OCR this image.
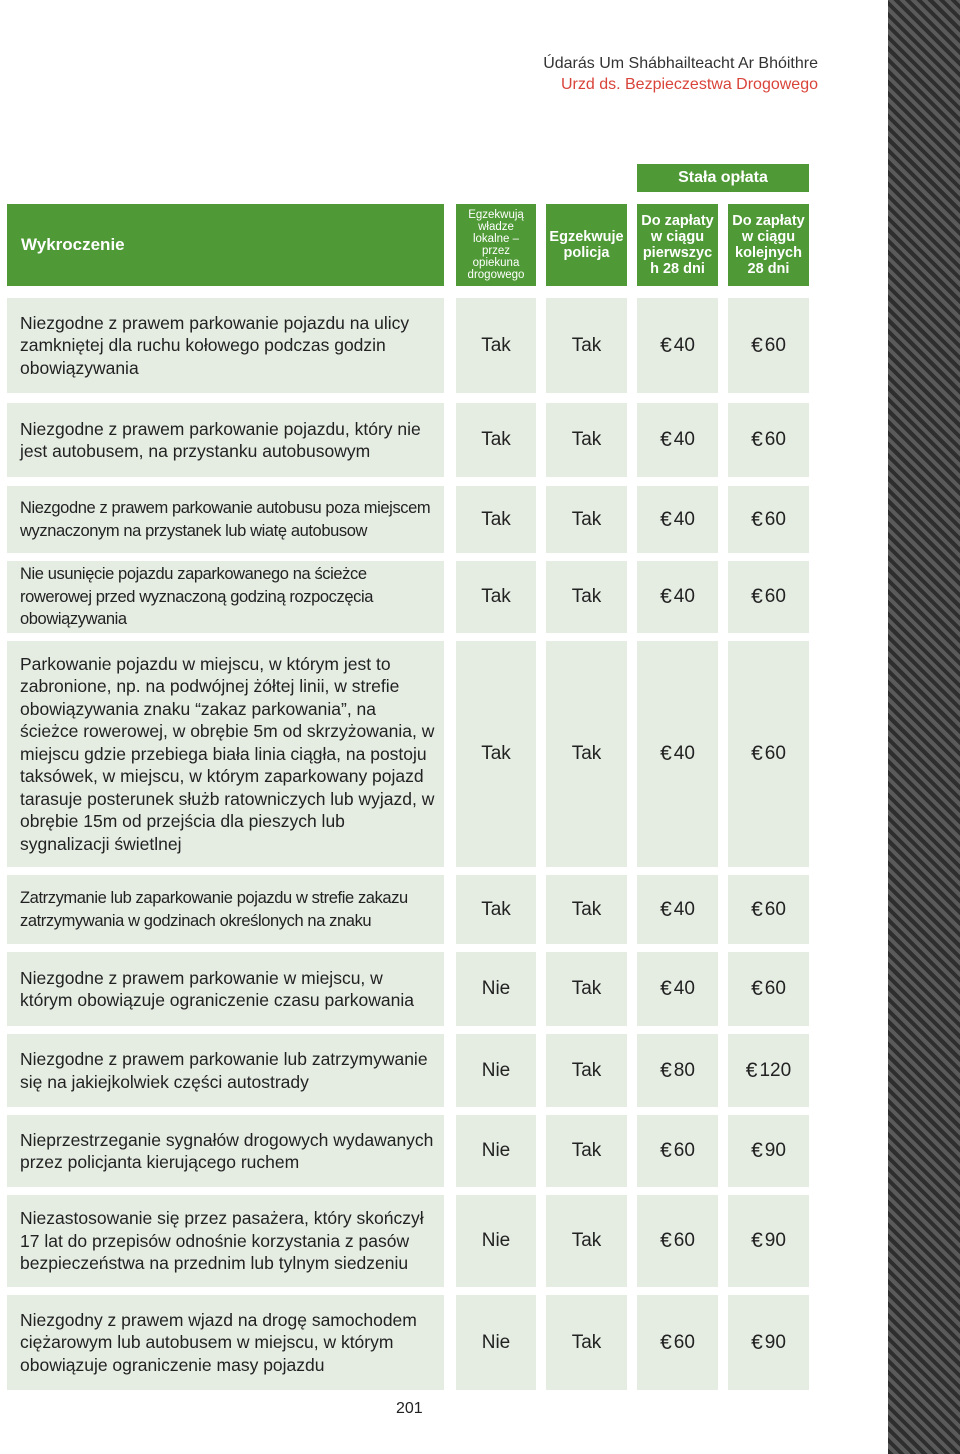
Údarás Um Shábhailteacht Ar Bhóithre
Urzd ds. Bezpieczestwa Drogowego
Stała opłata
Wykroczenie
Egzekwują władze lokalne – przez opiekuna drogowego
Egzekwuje policja
Do zapłaty w ciągu pierwszyc h 28 dni
Do zapłaty w ciągu kolejnych 28 dni
Niezgodne z prawem parkowanie pojazdu na ulicy zamkniętej dla ruchu kołowego podczas godzin obowiązywania
Tak	Tak	€ 40	€ 60
Niezgodne z prawem parkowanie pojazdu, który nie jest autobusem, na przystanku autobusowym
Tak	Tak	€ 40	€ 60
Niezgodne z prawem parkowanie autobusu poza miejscem wyznaczonym na przystanek lub wiatę autobusow
Tak	Tak	€ 40	€ 60
Nie usunięcie pojazdu zaparkowanego na ścieżce rowerowej przed wyznaczoną godziną rozpoczęcia obowiązywania
Tak	Tak	€ 40	€ 60
Parkowanie pojazdu w miejscu, w którym jest to zabronione, np. na podwójnej żółtej linii, w strefie obowiązywania znaku “zakaz parkowania”, na ścieżce rowerowej, w obrębie 5m od skrzyżowania, w miejscu gdzie przebiega biała linia ciągła, na postoju taksówek, w miejscu, w którym zaparkowany pojazd tarasuje posterunek służb ratowniczych lub wyjazd, w obrębie 15m od przejścia dla pieszych lub sygnalizacji świetlnej
Tak	Tak	€ 40	€ 60
Zatrzymanie lub zaparkowanie pojazdu w strefie zakazu zatrzymywania w godzinach określonych na znaku
Tak	Tak	€ 40	€ 60
Niezgodne z prawem parkowanie w miejscu, w którym obowiązuje ograniczenie czasu parkowania
Nie	Tak	€ 40	€ 60
Niezgodne z prawem parkowanie lub zatrzymywanie się na jakiejkolwiek części autostrady
Nie	Tak	€ 80 € 120
Nieprzestrzeganie sygnałów drogowych wydawanych przez policjanta kierującego ruchem
Nie	Tak	€ 60	€ 90
Niezastosowanie się przez pasażera, który skończył 17 lat do przepisów odnośnie korzystania z pasów bezpieczeństwa na przednim lub tylnym siedzeniu
Nie	Tak	€ 60	€ 90
Niezgodny z prawem wjazd na drogę samochodem ciężarowym lub autobusem w miejscu, w którym obowiązuje ograniczenie masy pojazdu
Nie	Tak	€ 60	€ 90
201
